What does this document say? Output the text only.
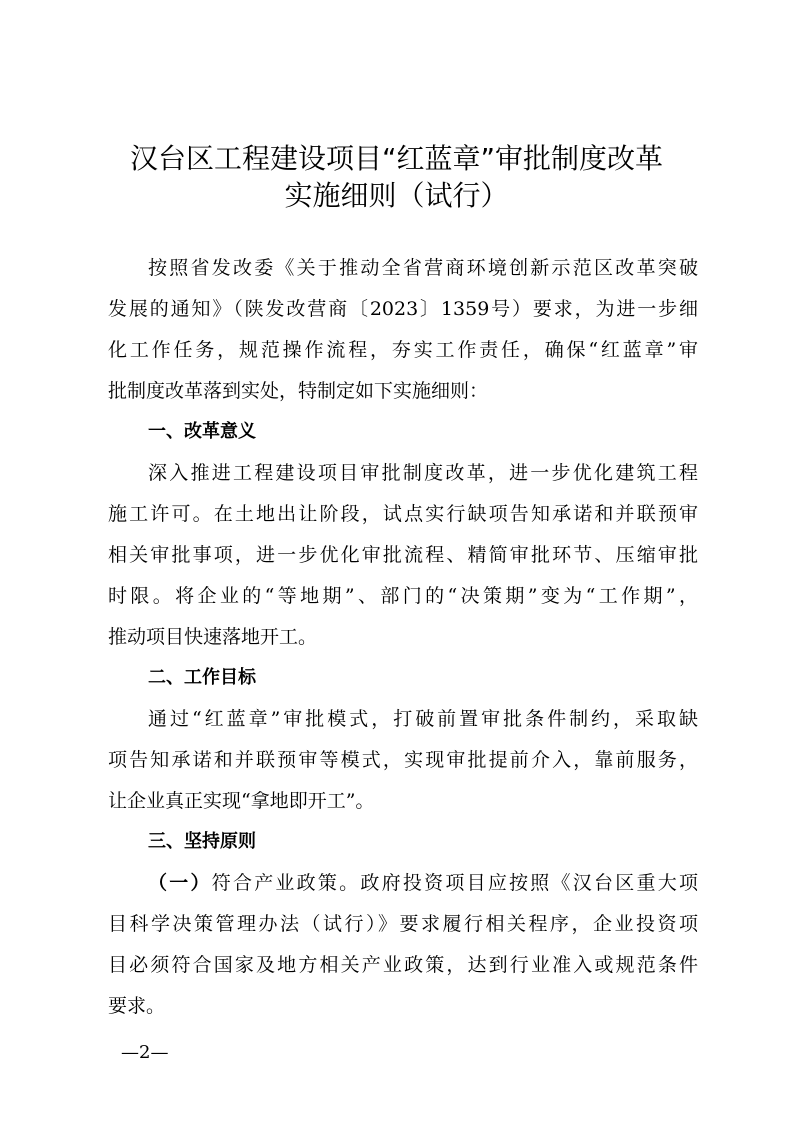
汉台区工程建设项目“红蓝章”审批制度改革
实施细则（试行）
按照省发改委《关于推动全省营商环境创新示范区改革突破
发展的通知》（陕发改营商〔2023〕1359号）要求，为进一步细
化工作任务，规范操作流程，夯实工作责任，确保“红蓝章”审
批制度改革落到实处，特制定如下实施细则：
一、改革意义
深入推进工程建设项目审批制度改革，进一步优化建筑工程
施工许可。在土地出让阶段，试点实行缺项告知承诺和并联预审
相关审批事项，进一步优化审批流程、精简审批环节、压缩审批
时限。将企业的“等地期”、部门的“决策期”变为“工作期”，
推动项目快速落地开工。
二、工作目标
通过“红蓝章”审批模式，打破前置审批条件制约，采取缺
项告知承诺和并联预审等模式，实现审批提前介入，靠前服务，
让企业真正实现“拿地即开工”。
三、坚持原则
（一）符合产业政策。政府投资项目应按照《汉台区重大项
目科学决策管理办法（试行）》要求履行相关程序，企业投资项
目必须符合国家及地方相关产业政策，达到行业准入或规范条件
要求。
—2—
